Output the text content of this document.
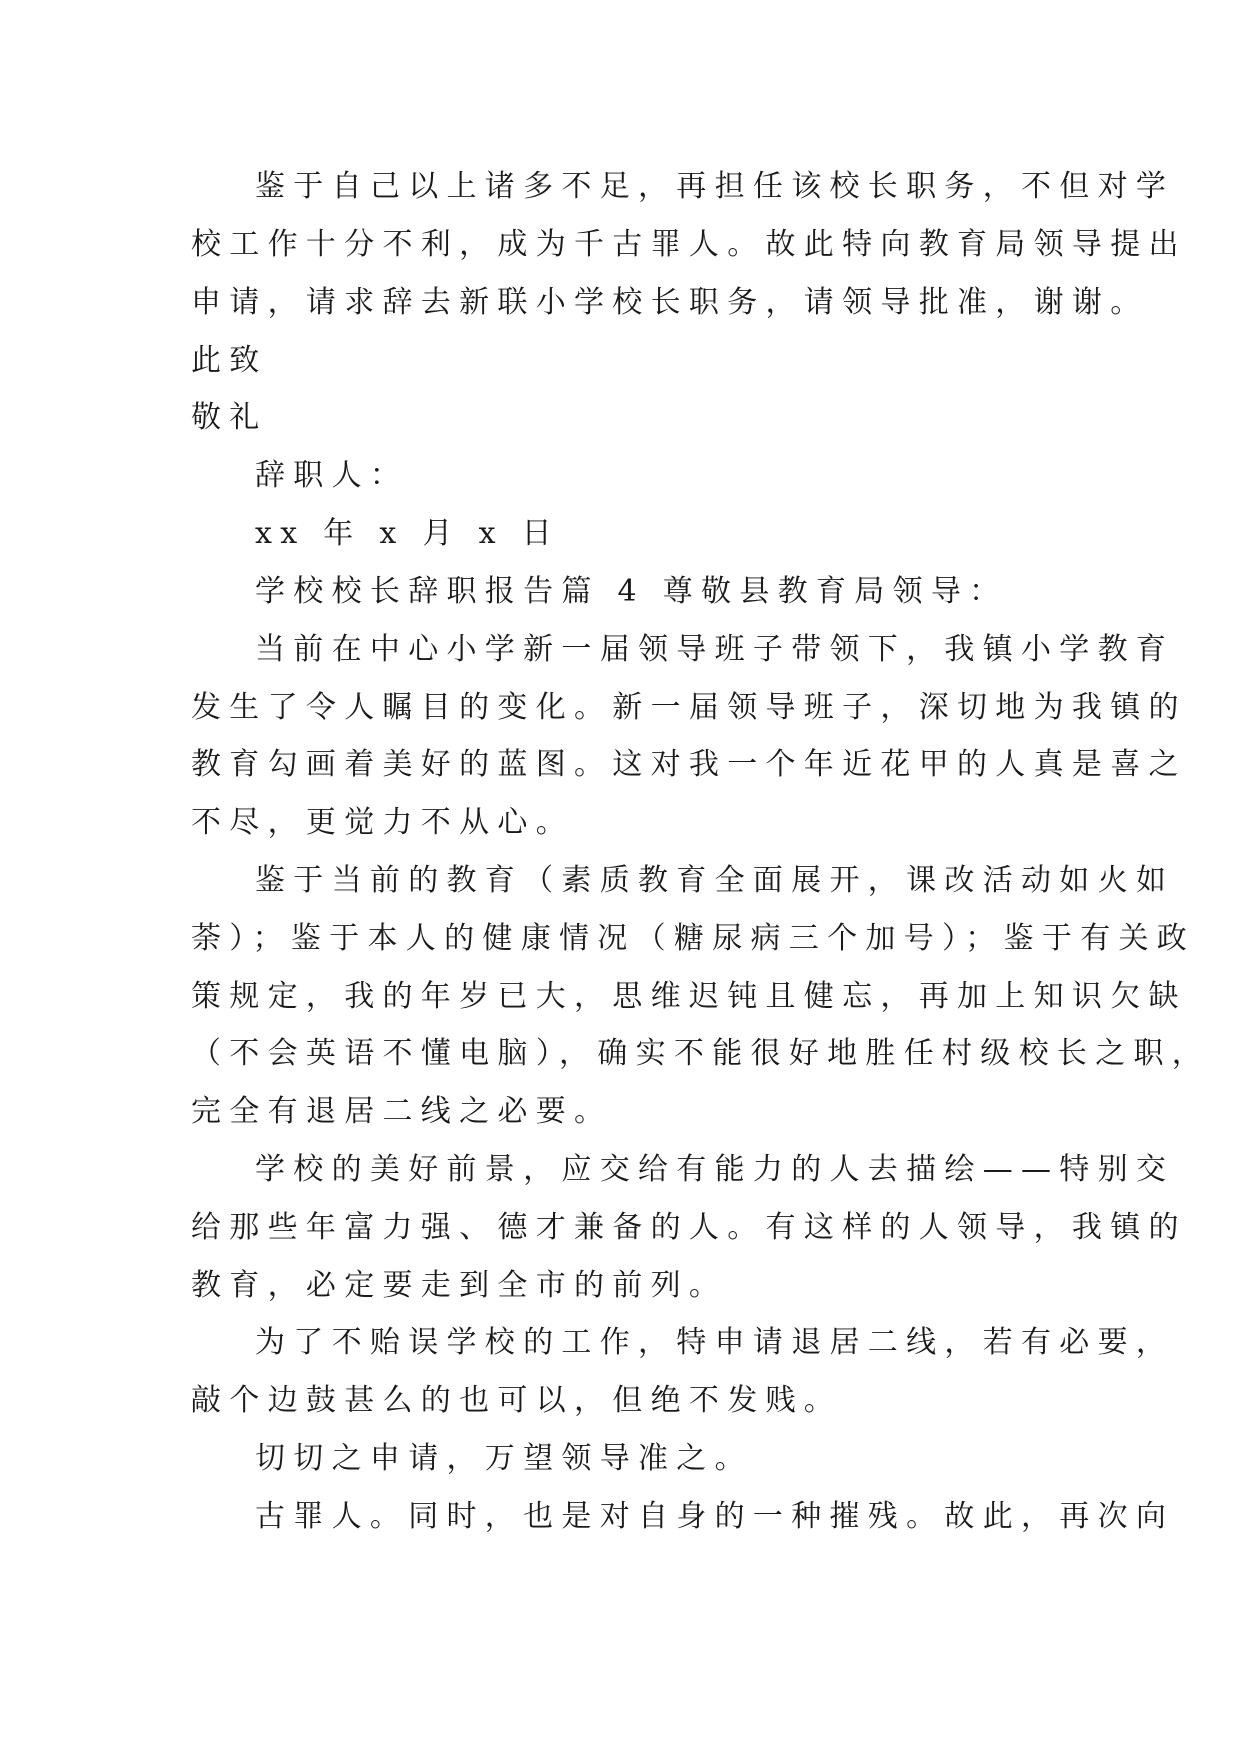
鉴于自己以上诸多不足，再担任该校长职务，不但对学
校工作十分不利，成为千古罪人。故此特向教育局领导提出
申请，请求辞去新联小学校长职务，请领导批准，谢谢。
此致
敬礼
辞职人：
xx 年 x 月 x 日
学校校长辞职报告篇 4 尊敬县教育局领导：
当前在中心小学新一届领导班子带领下，我镇小学教育
发生了令人瞩目的变化。新一届领导班子，深切地为我镇的
教育勾画着美好的蓝图。这对我一个年近花甲的人真是喜之
不尽，更觉力不从心。
鉴于当前的教育（素质教育全面展开，课改活动如火如
荼）；鉴于本人的健康情况（糖尿病三个加号）；鉴于有关政
策规定，我的年岁已大，思维迟钝且健忘，再加上知识欠缺
（不会英语不懂电脑），确实不能很好地胜任村级校长之职，
完全有退居二线之必要。
学校的美好前景，应交给有能力的人去描绘——特别交
给那些年富力强、德才兼备的人。有这样的人领导，我镇的
教育，必定要走到全市的前列。
为了不贻误学校的工作，特申请退居二线，若有必要，
敲个边鼓甚么的也可以，但绝不发贱。
切切之申请，万望领导准之。
古罪人。同时，也是对自身的一种摧残。故此，再次向
